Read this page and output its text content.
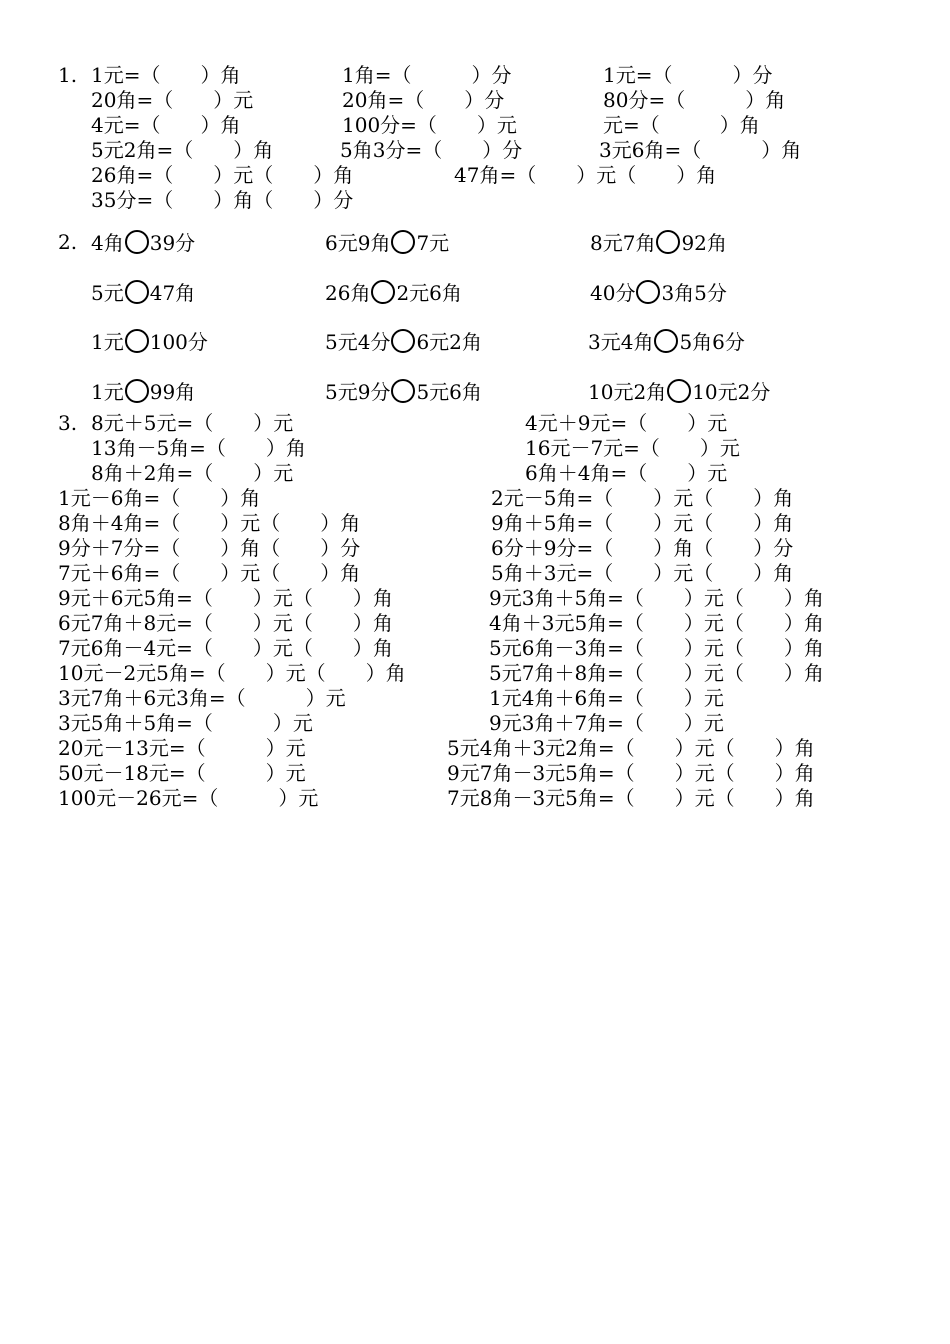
1. 1元=（　　）角	1角=（　　　）分	1元=（　　　）分
20角=（　　）元	20角=（　　）分	80分=（　　　）角
4元=（　　）角	100分=（　　）元	元=（　　　）角
5元2角=（　　）角	5角3分=（　　）分	3元6角=（　　　）角
26角=（　　）元（　　）角	47角=（　　）元（　　）角
35分=（　　）角（　　）分
2. 4角 39分	6元9角 7元	8元7角 92角
5元 47角	26角 2元6角	40分 3角5分
1元 100分	5元4分 6元2角	3元4角 5角6分
1元 99角	5元9分 5元6角	10元2角 10元2分
3. 8元＋5元=（　　）元	4元＋9元=（　　）元
13角－5角=（　　）角	16元－7元=（　　）元
8角＋2角=（　　）元	6角＋4角=（　　）元
1元－6角=（　　）角	2元－5角=（　　）元（　　）角
8角＋4角=（　　）元（　　）角	9角＋5角=（　　）元（　　）角
9分＋7分=（　　）角（　　）分	6分＋9分=（　　）角（　　）分
7元＋6角=（　　）元（　　）角	5角＋3元=（　　）元（　　）角
9元＋6元5角=（　　）元（　　）角	9元3角＋5角=（　　）元（　　）角
6元7角＋8元=（　　）元（　　）角	4角＋3元5角=（　　）元（　　）角
7元6角－4元=（　　）元（　　）角	5元6角－3角=（　　）元（　　）角
10元－2元5角=（　　）元（　　）角	5元7角＋8角=（　　）元（　　）角
3元7角＋6元3角=（　　　）元	1元4角＋6角=（　　）元
3元5角＋5角=（　　　）元	9元3角＋7角=（　　）元
20元－13元=（　　　）元	5元4角＋3元2角=（　　）元（　　）角
50元－18元=（　　　）元	9元7角－3元5角=（　　）元（　　）角
100元－26元=（　　　）元	7元8角－3元5角=（　　）元（　　）角
